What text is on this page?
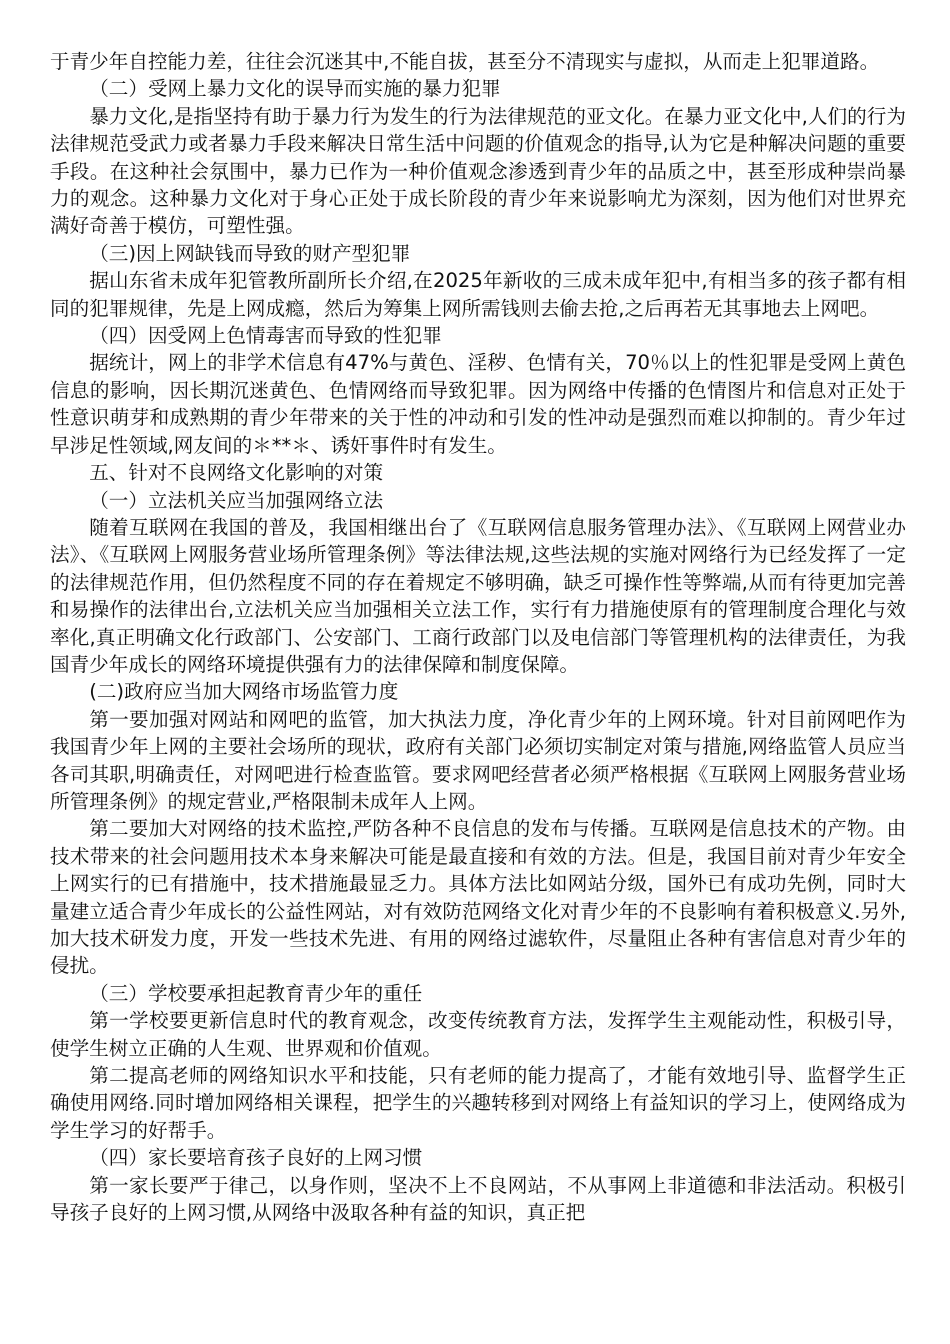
于青少年自控能力差，往往会沉迷其中,不能自拔，甚至分不清现实与虚拟，从而走上犯罪道路。

（二）受网上暴力文化的误导而实施的暴力犯罪

暴力文化,是指坚持有助于暴力行为发生的行为法律规范的亚文化。在暴力亚文化中,人们的行为法律规范受武力或者暴力手段来解决日常生活中问题的价值观念的指导,认为它是种解决问题的重要手段。在这种社会氛围中，暴力已作为一种价值观念渗透到青少年的品质之中，甚至形成种崇尚暴力的观念。这种暴力文化对于身心正处于成长阶段的青少年来说影响尤为深刻，因为他们对世界充满好奇善于模仿，可塑性强。

（三)因上网缺钱而导致的财产型犯罪

据山东省未成年犯管教所副所长介绍,在2025年新收的三成未成年犯中,有相当多的孩子都有相同的犯罪规律，先是上网成瘾，然后为筹集上网所需钱则去偷去抢,之后再若无其事地去上网吧。

（四）因受网上色情毒害而导致的性犯罪

据统计，网上的非学术信息有47%与黄色、淫秽、色情有关，70％以上的性犯罪是受网上黄色信息的影响，因长期沉迷黄色、色情网络而导致犯罪。因为网络中传播的色情图片和信息对正处于性意识萌芽和成熟期的青少年带来的关于性的冲动和引发的性冲动是强烈而难以抑制的。青少年过早涉足性领域,网友间的＊**＊、诱奸事件时有发生。

五、针对不良网络文化影响的对策

（一）立法机关应当加强网络立法

随着互联网在我国的普及，我国相继出台了《互联网信息服务管理办法》、《互联网上网营业办法》、《互联网上网服务营业场所管理条例》等法律法规,这些法规的实施对网络行为已经发挥了一定的法律规范作用，但仍然程度不同的存在着规定不够明确，缺乏可操作性等弊端,从而有待更加完善和易操作的法律出台,立法机关应当加强相关立法工作，实行有力措施使原有的管理制度合理化与效率化,真正明确文化行政部门、公安部门、工商行政部门以及电信部门等管理机构的法律责任，为我国青少年成长的网络环境提供强有力的法律保障和制度保障。

(二)政府应当加大网络市场监管力度

第一要加强对网站和网吧的监管，加大执法力度，净化青少年的上网环境。针对目前网吧作为我国青少年上网的主要社会场所的现状，政府有关部门必须切实制定对策与措施,网络监管人员应当各司其职,明确责任，对网吧进行检查监管。要求网吧经营者必须严格根据《互联网上网服务营业场所管理条例》的规定营业,严格限制未成年人上网。

第二要加大对网络的技术监控,严防各种不良信息的发布与传播。互联网是信息技术的产物。由技术带来的社会问题用技术本身来解决可能是最直接和有效的方法。但是，我国目前对青少年安全上网实行的已有措施中，技术措施最显乏力。具体方法比如网站分级，国外已有成功先例，同时大量建立适合青少年成长的公益性网站，对有效防范网络文化对青少年的不良影响有着积极意义.另外,加大技术研发力度，开发一些技术先进、有用的网络过滤软件，尽量阻止各种有害信息对青少年的侵扰。

（三）学校要承担起教育青少年的重任

第一学校要更新信息时代的教育观念，改变传统教育方法，发挥学生主观能动性，积极引导，使学生树立正确的人生观、世界观和价值观。

第二提高老师的网络知识水平和技能，只有老师的能力提高了，才能有效地引导、监督学生正确使用网络.同时增加网络相关课程，把学生的兴趣转移到对网络上有益知识的学习上，使网络成为学生学习的好帮手。

（四）家长要培育孩子良好的上网习惯

第一家长要严于律己，以身作则，坚决不上不良网站，不从事网上非道德和非法活动。积极引导孩子良好的上网习惯,从网络中汲取各种有益的知识，真正把
